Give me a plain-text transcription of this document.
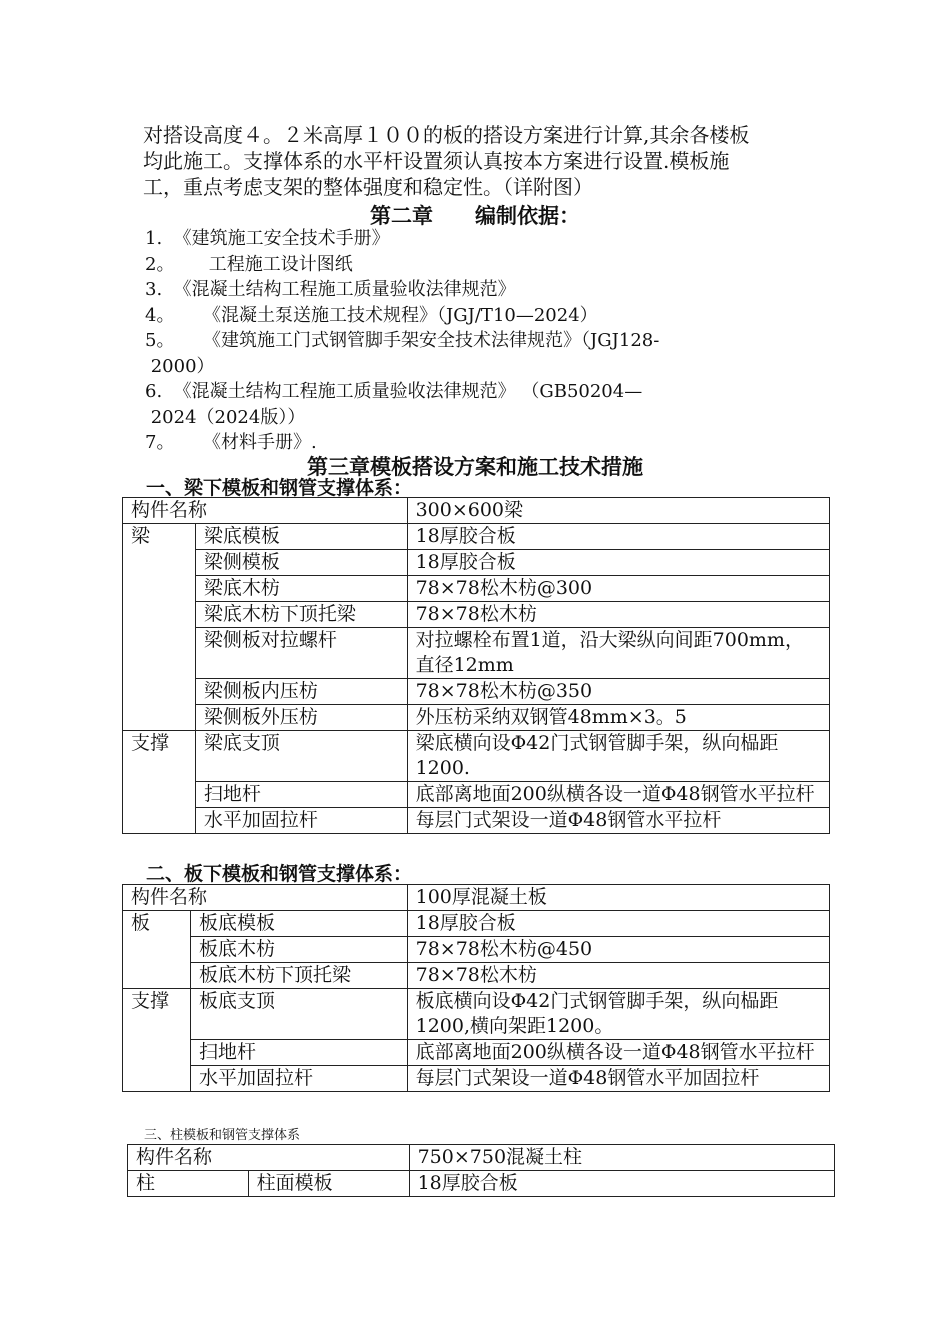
对搭设高度４。２米高厚１００的板的搭设方案进行计算,其余各楼板

均此施工。支撑体系的水平杆设置须认真按本方案进行设置.模板施

工，重点考虑支架的整体强度和稳定性。（详附图）

第二章　　编制依据：
1.  《建筑施工安全技术手册》
2。      工程施工设计图纸
3.  《混凝土结构工程施工质量验收法律规范》
4。     《混凝土泵送施工技术规程》（JGJ/T10—2024）
5。     《建筑施工门式钢管脚手架安全技术法律规范》（JGJ128-
2000）
6.  《混凝土结构工程施工质量验收法律规范》 （GB50204—
2024（2024版））
7。     《材料手册》.
第三章模板搭设方案和施工技术措施
一、梁下模板和钢管支撑体系：
构件名称		300×600梁
梁	梁底模板	18厚胶合板
	梁侧模板	18厚胶合板
	梁底木枋	78×78松木枋@300
	梁底木枋下顶托梁	78×78松木枋
	梁侧板对拉螺杆	对拉螺栓布置1道，沿大梁纵向间距700mm，直径12mm
	梁侧板内压枋	78×78松木枋@350
	梁侧板外压枋	外压枋采纳双钢管48mm×3。5
支撑	梁底支顶	梁底横向设Φ42门式钢管脚手架，纵向榀距1200.
	扫地杆	底部离地面200纵横各设一道Φ48钢管水平拉杆
	水平加固拉杆	每层门式架设一道Φ48钢管水平拉杆
二、板下模板和钢管支撑体系：
构件名称		100厚混凝土板
板	板底模板	18厚胶合板
	板底木枋	78×78松木枋@450
	板底木枋下顶托梁	78×78松木枋
支撑	板底支顶	板底横向设Φ42门式钢管脚手架，纵向榀距1200,横向架距1200。
	扫地杆	底部离地面200纵横各设一道Φ48钢管水平拉杆
	水平加固拉杆	每层门式架设一道Φ48钢管水平加固拉杆
三、柱模板和钢管支撑体系
构件名称		750×750混凝土柱
柱	柱面模板	18厚胶合板
